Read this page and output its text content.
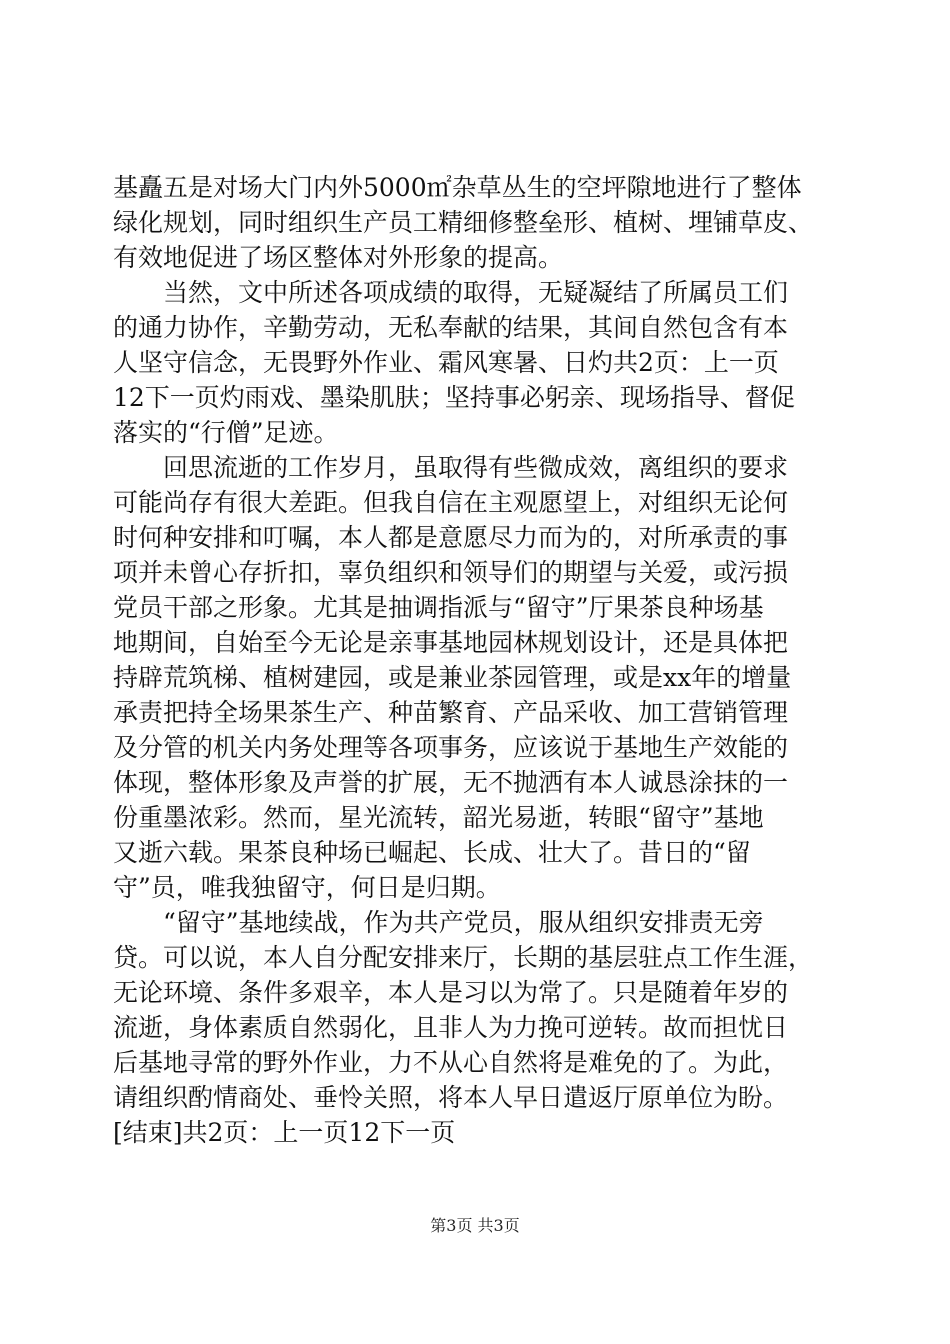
基矗五是对场大门内外5000㎡杂草丛生的空坪隙地进行了整体
绿化规划，同时组织生产员工精细修整垒形、植树、埋铺草皮、
有效地促进了场区整体对外形象的提高。
　　当然，文中所述各项成绩的取得，无疑凝结了所属员工们
的通力协作，辛勤劳动，无私奉献的结果，其间自然包含有本
人坚守信念，无畏野外作业、霜风寒暑、日灼共2页：上一页
12下一页灼雨戏、墨染肌肤；坚持事必躬亲、现场指导、督促
落实的“行僧”足迹。
　　回思流逝的工作岁月，虽取得有些微成效，离组织的要求
可能尚存有很大差距。但我自信在主观愿望上，对组织无论何
时何种安排和叮嘱，本人都是意愿尽力而为的，对所承责的事
项并未曾心存折扣，辜负组织和领导们的期望与关爱，或污损
党员干部之形象。尤其是抽调指派与“留守”厅果茶良种场基
地期间，自始至今无论是亲事基地园林规划设计，还是具体把
持辟荒筑梯、植树建园，或是兼业茶园管理，或是xx年的增量
承责把持全场果茶生产、种苗繁育、产品采收、加工营销管理
及分管的机关内务处理等各项事务，应该说于基地生产效能的
体现，整体形象及声誉的扩展，无不抛洒有本人诚恳涂抹的一
份重墨浓彩。然而，星光流转，韶光易逝，转眼“留守”基地
又逝六载。果茶良种场已崛起、长成、壮大了。昔日的“留
守”员，唯我独留守，何日是归期。
　　“留守”基地续战，作为共产党员，服从组织安排责无旁
贷。可以说，本人自分配安排来厅，长期的基层驻点工作生涯，
无论环境、条件多艰辛，本人是习以为常了。只是随着年岁的
流逝，身体素质自然弱化，且非人为力挽可逆转。故而担忧日
后基地寻常的野外作业，力不从心自然将是难免的了。为此，
请组织酌情商处、垂怜关照，将本人早日遣返厅原单位为盼。
[结束]共2页：上一页12下一页
第3页 共3页
